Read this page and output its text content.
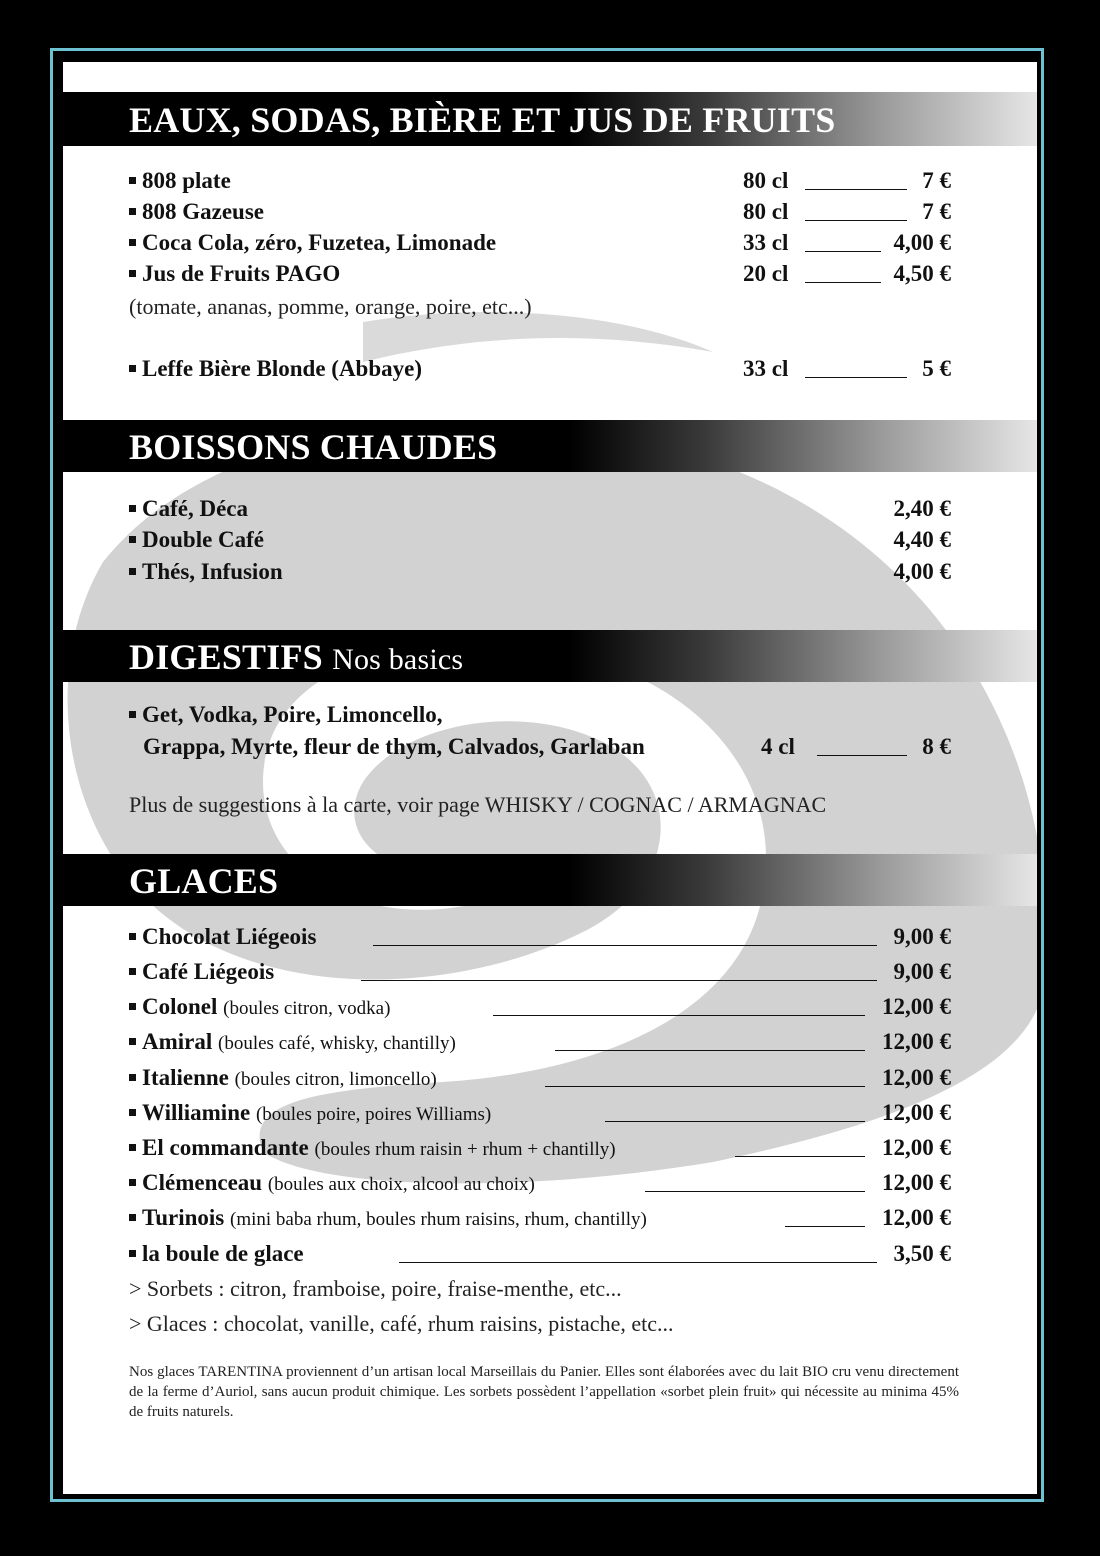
EAUX, SODAS, BIÈRE ET JUS DE FRUITS
808 plate	80 cl	7 €
808 Gazeuse	80 cl	7 €
Coca Cola, zéro, Fuzetea, Limonade	33 cl	4,00 €
Jus de Fruits PAGO	20 cl	4,50 €
(tomate, ananas, pomme, orange, poire, etc...)
Leffe Bière Blonde (Abbaye)	33 cl	5 €
BOISSONS CHAUDES
Café, Déca	2,40 €
Double Café	4,40 €
Thés, Infusion	4,00 €
DIGESTIFS Nos basics
Get, Vodka, Poire, Limoncello,
Grappa, Myrte, fleur de thym, Calvados, Garlaban	4 cl	8 €
Plus de suggestions à la carte, voir page WHISKY / COGNAC / ARMAGNAC
GLACES
Chocolat Liégeois	9,00 €
Café Liégeois	9,00 €
Colonel (boules citron, vodka)	12,00 €
Amiral (boules café, whisky, chantilly)	12,00 €
Italienne (boules citron, limoncello)	12,00 €
Williamine (boules poire, poires Williams)	12,00 €
El commandante (boules rhum raisin + rhum + chantilly)	12,00 €
Clémenceau (boules aux choix, alcool au choix)	12,00 €
Turinois (mini baba rhum, boules rhum raisins, rhum, chantilly)	12,00 €
la boule de glace	3,50 €
> Sorbets : citron, framboise, poire, fraise-menthe, etc...
> Glaces : chocolat, vanille, café, rhum raisins, pistache, etc...
Nos glaces TARENTINA proviennent d’un artisan local Marseillais du Panier. Elles sont élaborées avec du lait BIO cru venu directement de la ferme d’Auriol, sans aucun produit chimique. Les sorbets possèdent l’appellation «sorbet plein fruit» qui nécessite au minima 45% de fruits naturels.
